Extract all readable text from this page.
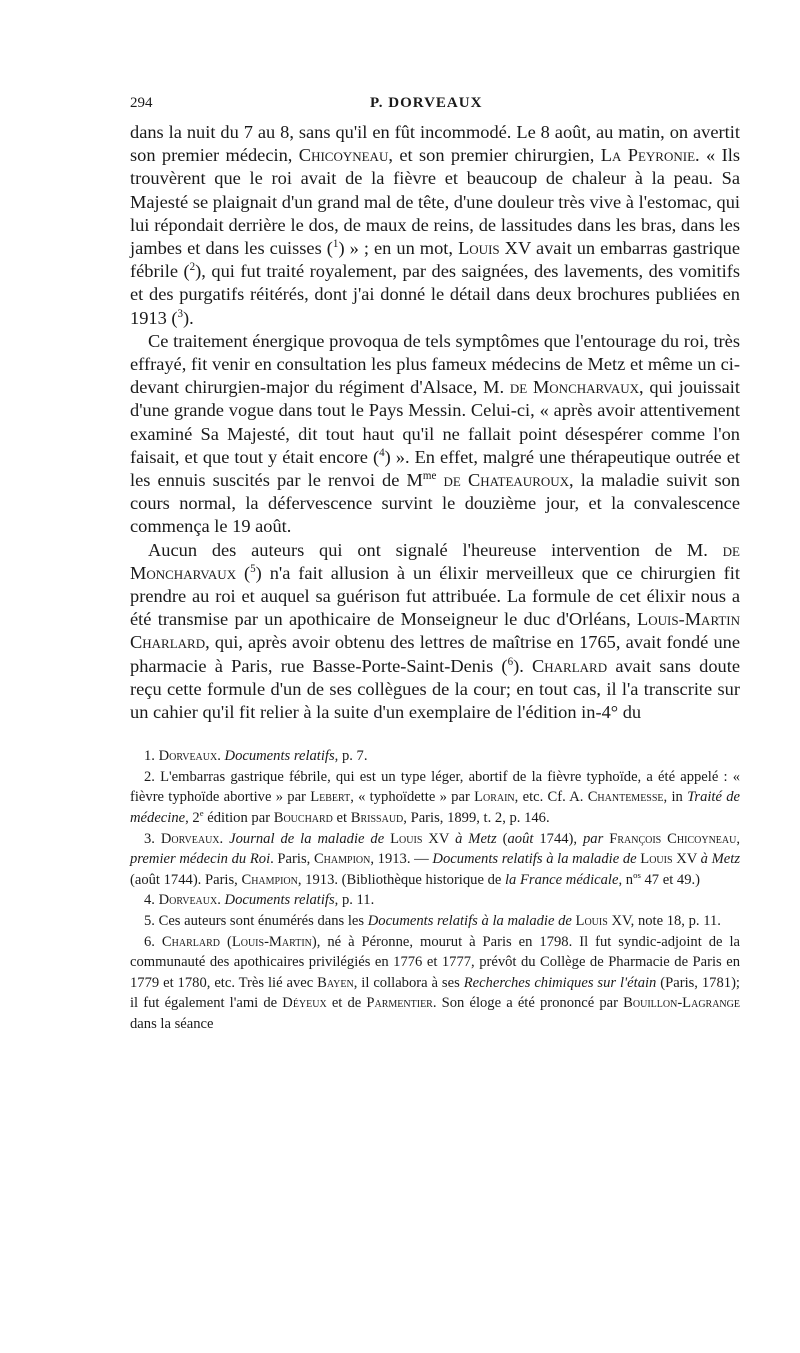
294	P. DORVEAUX

dans la nuit du 7 au 8, sans qu'il en fût incommodé. Le 8 août, au matin, on avertit son premier médecin, Chicoyneau, et son premier chirurgien, La Peyronie. « Ils trouvèrent que le roi avait de la fièvre et beaucoup de chaleur à la peau. Sa Majesté se plaignait d'un grand mal de tête, d'une douleur très vive à l'estomac, qui lui répondait derrière le dos, de maux de reins, de lassitudes dans les bras, dans les jambes et dans les cuisses ($^1$) » ; en un mot, Louis XV avait un embarras gastrique fébrile ($^2$), qui fut traité royalement, par des saignées, des lavements, des vomitifs et des purgatifs réitérés, dont j'ai donné le détail dans deux brochures publiées en 1913 ($^3$).

Ce traitement énergique provoqua de tels symptômes que l'entourage du roi, très effrayé, fit venir en consultation les plus fameux médecins de Metz et même un ci-devant chirurgien-major du régiment d'Alsace, M. de Moncharvaux, qui jouissait d'une grande vogue dans tout le Pays Messin. Celui-ci, « après avoir attentivement examiné Sa Majesté, dit tout haut qu'il ne fallait point désespérer comme l'on faisait, et que tout y était encore ($^4$) ». En effet, malgré une thérapeutique outrée et les ennuis suscités par le renvoi de $M^{me}$ de Chateauroux, la maladie suivit son cours normal, la défervescence survint le douzième jour, et la convalescence commença le 19 août.

Aucun des auteurs qui ont signalé l'heureuse intervention de M. de Moncharvaux ($^5$) n'a fait allusion à un élixir merveilleux que ce chirurgien fit prendre au roi et auquel sa guérison fut attribuée. La formule de cet élixir nous a été transmise par un apothicaire de Monseigneur le duc d'Orléans, Louis-Martin Charlard, qui, après avoir obtenu des lettres de maîtrise en 1765, avait fondé une pharmacie à Paris, rue Basse-Porte-Saint-Denis ($^6$). Charlard avait sans doute reçu cette formule d'un de ses collègues de la cour; en tout cas, il l'a transcrite sur un cahier qu'il fit relier à la suite d'un exemplaire de l'édition in-4° du

1. Dorveaux. Documents relatifs, p. 7.

2. L'embarras gastrique fébrile, qui est un type léger, abortif de la fièvre typhoïde, a été appelé : « fièvre typhoïde abortive » par Lebert, « typhoïdette » par Lorain, etc. Cf. A. Chantemesse, in Traité de médecine, 2e édition par Bouchard et Brissaud, Paris, 1899, t. 2, p. 146.

3. Dorveaux. Journal de la maladie de Louis XV à Metz (août 1744), par François Chicoyneau, premier médecin du Roi. Paris, Champion, 1913. — Documents relatifs à la maladie de Louis XV à Metz (août 1744). Paris, Champion, 1913. (Bibliothèque historique de la France médicale, $n^{os}$ 47 et 49.)

4. Dorveaux. Documents relatifs, p. 11.

5. Ces auteurs sont énumérés dans les Documents relatifs à la maladie de Louis XV, note 18, p. 11.

6. Charlard (Louis-Martin), né à Péronne, mourut à Paris en 1798. Il fut syndic-adjoint de la communauté des apothicaires privilégiés en 1776 et 1777, prévôt du Collège de Pharmacie de Paris en 1779 et 1780, etc. Très lié avec Bayen, il collabora à ses Recherches chimiques sur l'étain (Paris, 1781); il fut également l'ami de Déyeux et de Parmentier. Son éloge a été prononcé par Bouillon-Lagrange dans la séance
